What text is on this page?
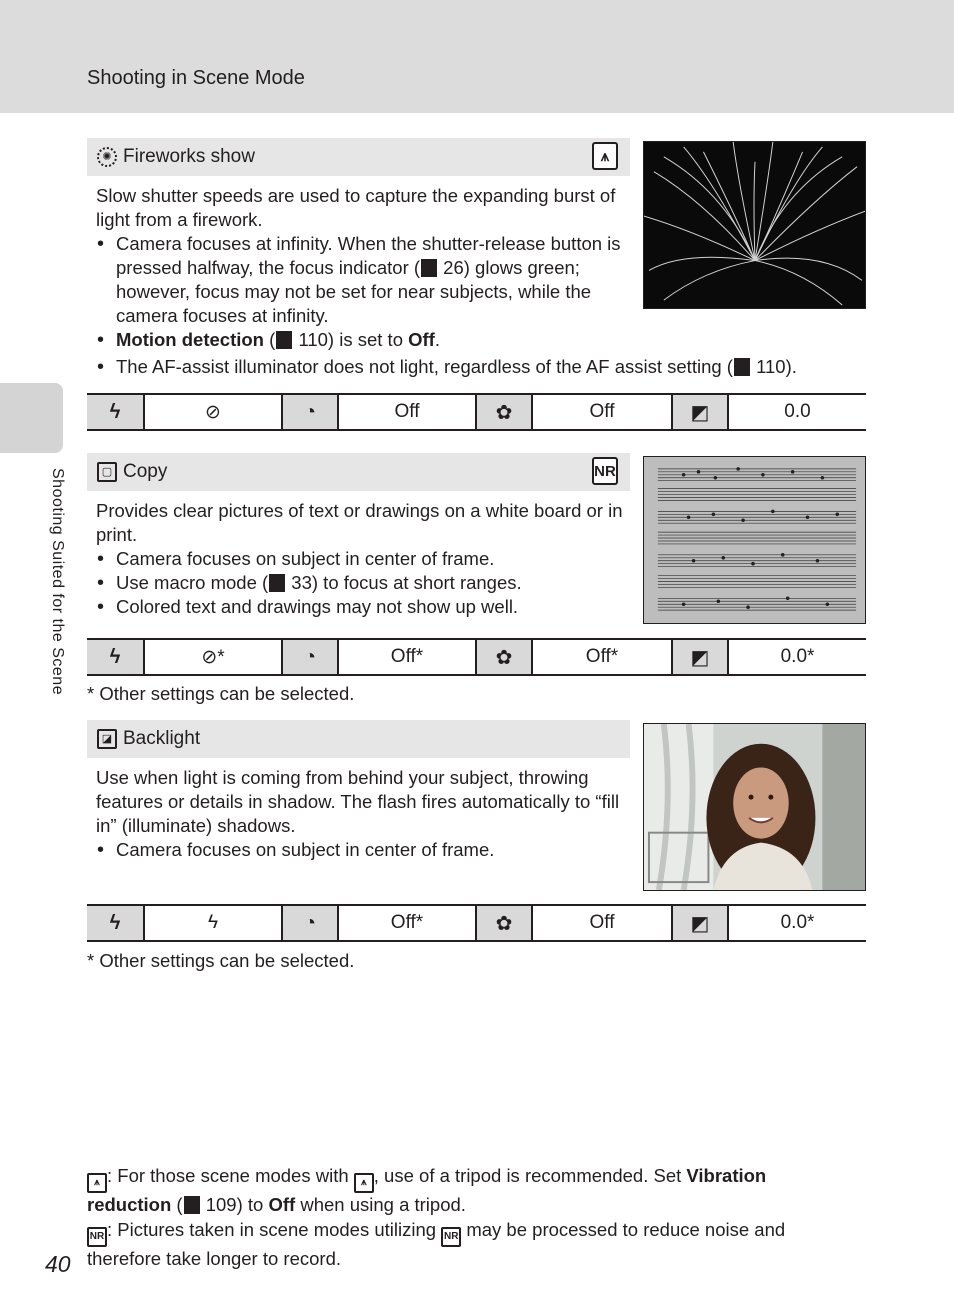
Shooting in Scene Mode
Shooting Suited for the Scene
✺ Fireworks show	⩚

Slow shutter speeds are used to capture the expanding burst of light from a firework.

• Camera focuses at infinity. When the shutter-release button is pressed halfway, the focus indicator ( 26) glows green; however, focus may not be set for near subjects, while the camera focuses at infinity.
• Motion detection ( 110) is set to Off.
• The AF-assist illuminator does not light, regardless of the AF assist setting ( 110).
ϟ	⊘	◔	Off	✿	Off	◩	0.0
▢ Copy	NR

Provides clear pictures of text or drawings on a white board or in print.

• Camera focuses on subject in center of frame.
• Use macro mode ( 33) to focus at short ranges.
• Colored text and drawings may not show up well.
ϟ	⊘*	◔	Off*	✿	Off*	◩	0.0*
* Other settings can be selected.
◪ Backlight

Use when light is coming from behind your subject, throwing features or details in shadow. The flash fires automatically to “fill in” (illuminate) shadows.

• Camera focuses on subject in center of frame.
ϟ	ϟ	◔	Off*	✿	Off	◩	0.0*
* Other settings can be selected.
⩚ : For those scene modes with ⩚ , use of a tripod is recommended. Set Vibration reduction ( 109) to Off when using a tripod.
NR : Pictures taken in scene modes utilizing NR may be processed to reduce noise and therefore take longer to record.
40
